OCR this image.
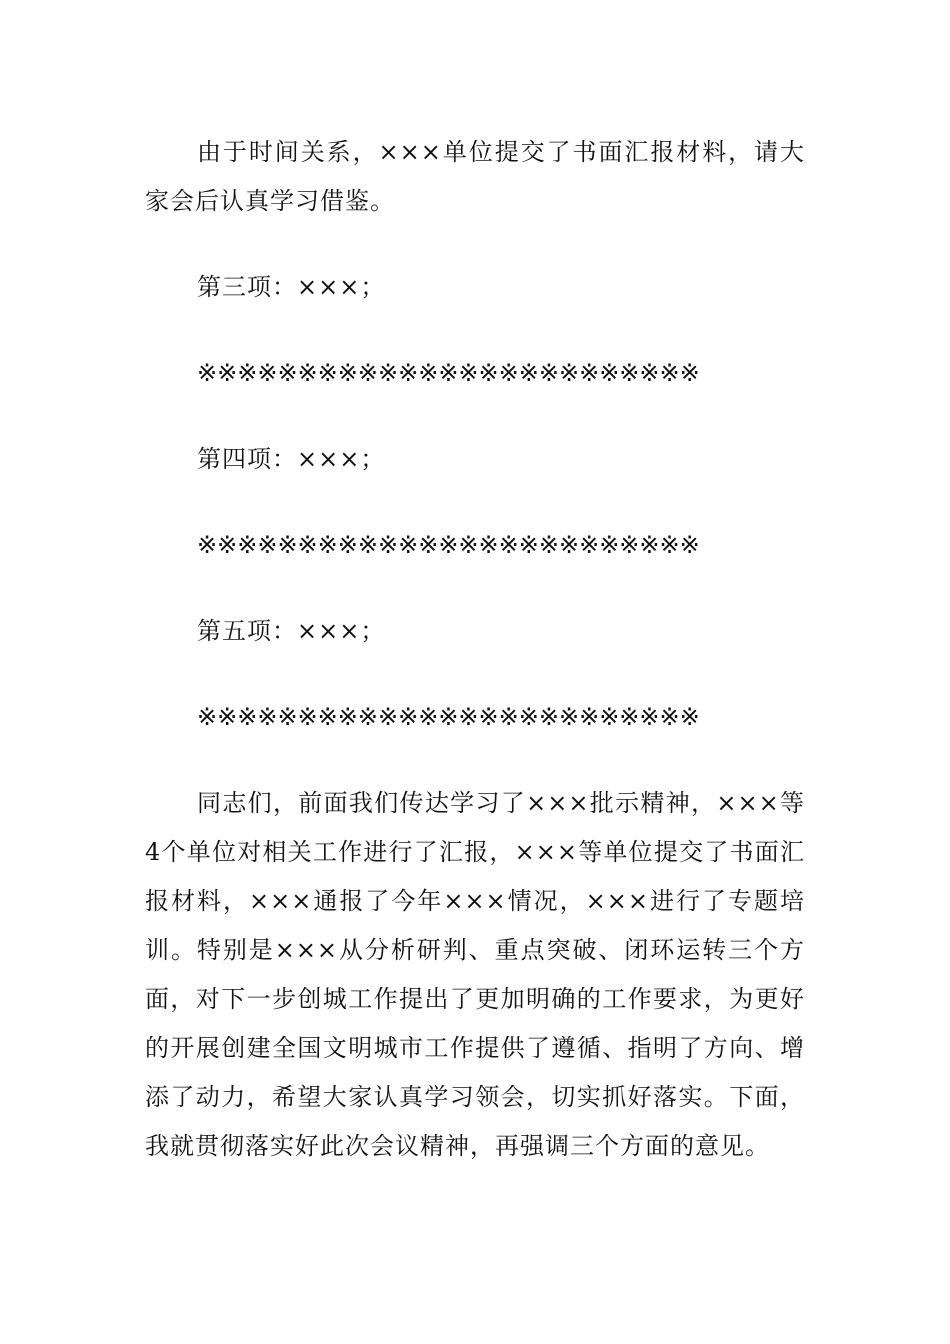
由于时间关系，×××单位提交了书面汇报材料，请大家会后认真学习借鉴。

第三项：×××；

※※※※※※※※※※※※※※※※※※※※※※※※※

第四项：×××；

※※※※※※※※※※※※※※※※※※※※※※※※※

第五项：×××；

※※※※※※※※※※※※※※※※※※※※※※※※※

同志们，前面我们传达学习了×××批示精神，×××等4个单位对相关工作进行了汇报，×××等单位提交了书面汇报材料，×××通报了今年×××情况，×××进行了专题培训。特别是×××从分析研判、重点突破、闭环运转三个方面，对下一步创城工作提出了更加明确的工作要求，为更好的开展创建全国文明城市工作提供了遵循、指明了方向、增添了动力，希望大家认真学习领会，切实抓好落实。下面，我就贯彻落实好此次会议精神，再强调三个方面的意见。
